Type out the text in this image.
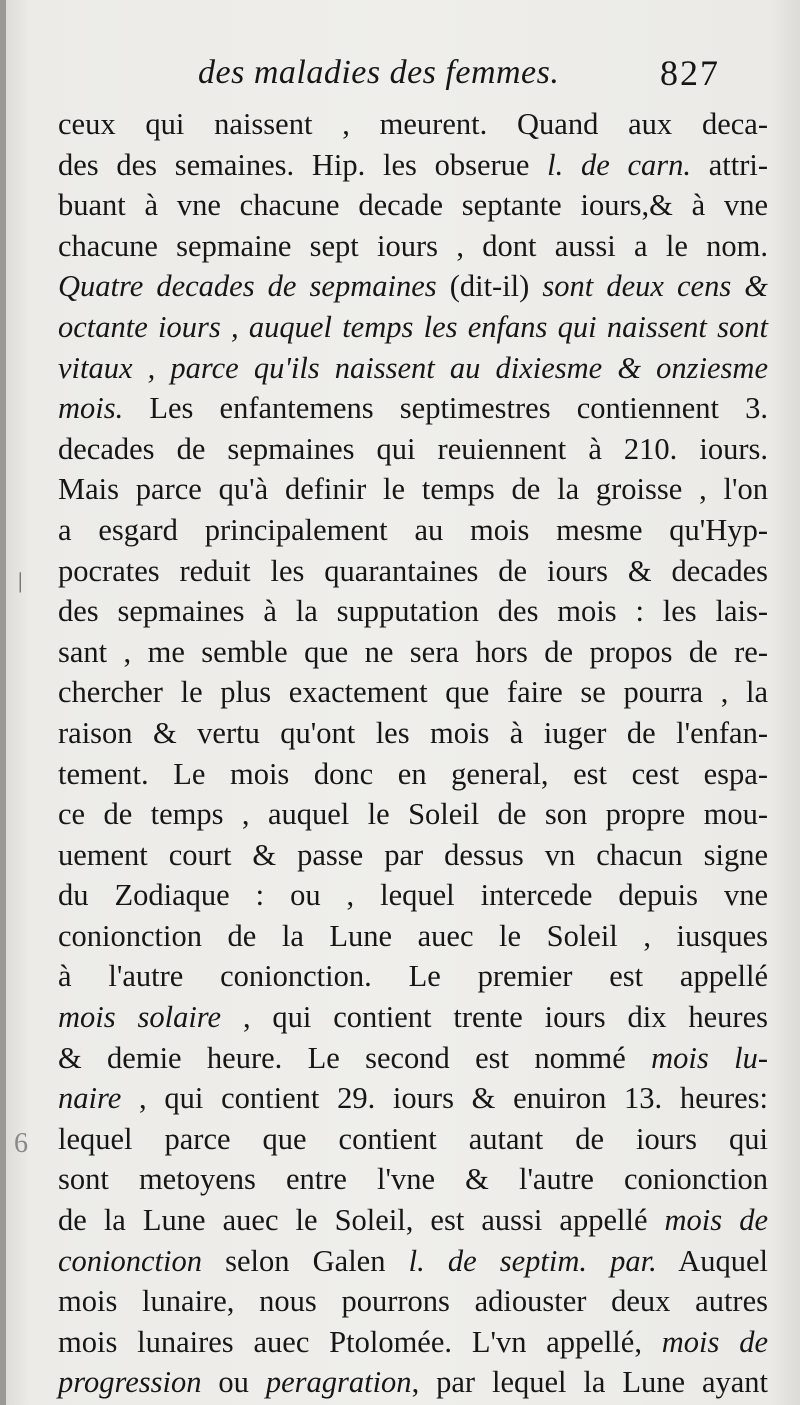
des maladies des femmes.	827
ceux qui naissent , meurent. Quand aux deca-
des des semaines. Hip. les obserue l. de carn. attri-
buant à vne chacune decade septante iours,& à vne
chacune sepmaine sept iours , dont aussi a le nom.
Quatre decades de sepmaines (dit-il) sont deux cens &
octante iours , auquel temps les enfans qui naissent sont
vitaux , parce qu'ils naissent au dixiesme & onziesme
mois. Les enfantemens septimestres contiennent 3.
decades de sepmaines qui reuiennent à 210. iours.
Mais parce qu'à definir le temps de la groisse , l'on
a esgard principalement au mois mesme qu'Hyp-
pocrates reduit les quarantaines de iours & decades
des sepmaines à la supputation des mois : les lais-
sant , me semble que ne sera hors de propos de re-
chercher le plus exactement que faire se pourra , la
raison & vertu qu'ont les mois à iuger de l'enfan-
tement. Le mois donc en general, est cest espa-
ce de temps , auquel le Soleil de son propre mou-
uement court & passe par dessus vn chacun signe
du Zodiaque : ou , lequel intercede depuis vne
conionction de la Lune auec le Soleil , iusques
à l'autre conionction. Le premier est appellé
mois solaire , qui contient trente iours dix heures
& demie heure. Le second est nommé mois lu-
naire , qui contient 29. iours & enuiron 13. heures:
lequel parce que contient autant de iours qui
sont metoyens entre l'vne & l'autre conionction
de la Lune auec le Soleil, est aussi appellé mois de
conionction selon Galen l. de septim. par. Auquel
mois lunaire, nous pourrons adiouster deux autres
mois lunaires auec Ptolomée. L'vn appellé, mois de
progression ou peragration, par lequel la Lune ayant
|
6
